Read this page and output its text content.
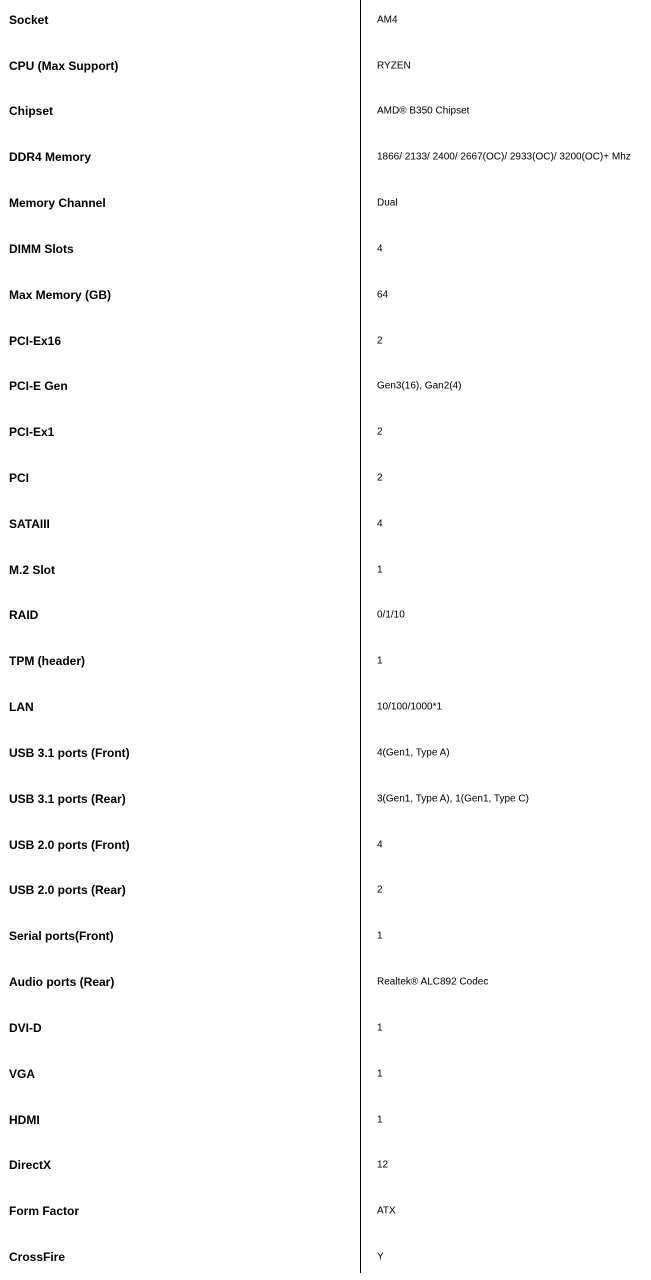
Socket	AM4
CPU (Max Support)	RYZEN
Chipset	AMD® B350 Chipset
DDR4 Memory	1866/ 2133/ 2400/ 2667(OC)/ 2933(OC)/ 3200(OC)+ Mhz
Memory Channel	Dual
DIMM Slots	4
Max Memory (GB)	64
PCI-Ex16	2
PCI-E Gen	Gen3(16), Gan2(4)
PCI-Ex1	2
PCI	2
SATAIII	4
M.2 Slot	1
RAID	0/1/10
TPM (header)	1
LAN	10/100/1000*1
USB 3.1 ports (Front)	4(Gen1, Type A)
USB 3.1 ports (Rear)	3(Gen1, Type A), 1(Gen1, Type C)
USB 2.0 ports (Front)	4
USB 2.0 ports (Rear)	2
Serial ports(Front)	1
Audio ports (Rear)	Realtek® ALC892 Codec
DVI-D	1
VGA	1
HDMI	1
DirectX	12
Form Factor	ATX
CrossFire	Y
